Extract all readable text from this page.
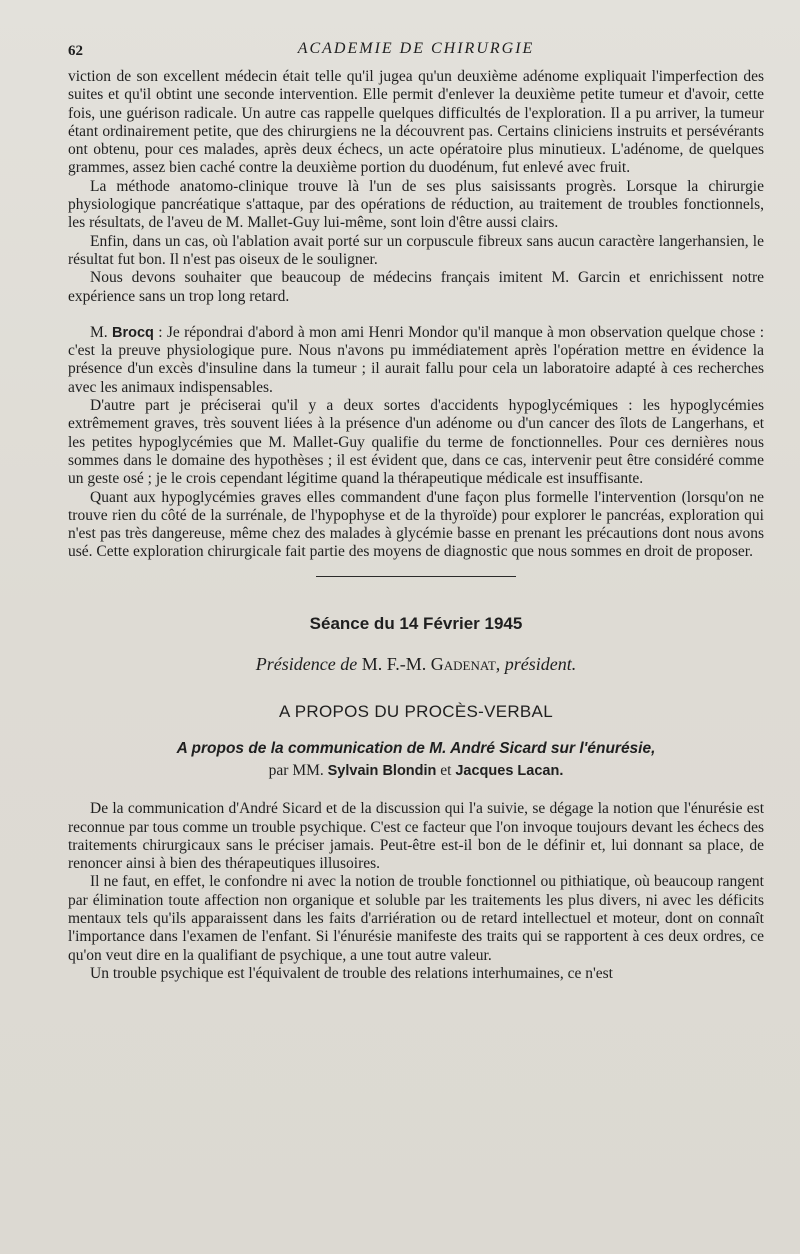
62	ACADEMIE DE CHIRURGIE

viction de son excellent médecin était telle qu'il jugea qu'un deuxième adénome expliquait l'imperfection des suites et qu'il obtint une seconde intervention. Elle permit d'enlever la deuxième petite tumeur et d'avoir, cette fois, une guérison radicale. Un autre cas rappelle quelques difficultés de l'exploration. Il a pu arriver, la tumeur étant ordinairement petite, que des chirurgiens ne la découvrent pas. Certains cliniciens instruits et persévérants ont obtenu, pour ces malades, après deux échecs, un acte opératoire plus minutieux. L'adénome, de quelques grammes, assez bien caché contre la deuxième portion du duodénum, fut enlevé avec fruit.

La méthode anatomo-clinique trouve là l'un de ses plus saisissants progrès. Lorsque la chirurgie physiologique pancréatique s'attaque, par des opérations de réduction, au traitement de troubles fonctionnels, les résultats, de l'aveu de M. Mallet-Guy lui-même, sont loin d'être aussi clairs.

Enfin, dans un cas, où l'ablation avait porté sur un corpuscule fibreux sans aucun caractère langerhansien, le résultat fut bon. Il n'est pas oiseux de le souligner.

Nous devons souhaiter que beaucoup de médecins français imitent M. Garcin et enrichissent notre expérience sans un trop long retard.

M. Brocq : Je répondrai d'abord à mon ami Henri Mondor qu'il manque à mon observation quelque chose : c'est la preuve physiologique pure. Nous n'avons pu immédiatement après l'opération mettre en évidence la présence d'un excès d'insuline dans la tumeur ; il aurait fallu pour cela un laboratoire adapté à ces recherches avec les animaux indispensables.

D'autre part je préciserai qu'il y a deux sortes d'accidents hypoglycémiques : les hypoglycémies extrêmement graves, très souvent liées à la présence d'un adénome ou d'un cancer des îlots de Langerhans, et les petites hypoglycémies que M. Mallet-Guy qualifie du terme de fonctionnelles. Pour ces dernières nous sommes dans le domaine des hypothèses ; il est évident que, dans ce cas, intervenir peut être considéré comme un geste osé ; je le crois cependant légitime quand la thérapeutique médicale est insuffisante.

Quant aux hypoglycémies graves elles commandent d'une façon plus formelle l'intervention (lorsqu'on ne trouve rien du côté de la surrénale, de l'hypophyse et de la thyroïde) pour explorer le pancréas, exploration qui n'est pas très dangereuse, même chez des malades à glycémie basse en prenant les précautions dont nous avons usé. Cette exploration chirurgicale fait partie des moyens de diagnostic que nous sommes en droit de proposer.

Séance du 14 Février 1945
Présidence de M. F.-M. Gadenat, président.
A PROPOS DU PROCÈS-VERBAL
A propos de la communication de M. André Sicard sur l'énurésie,
par MM. Sylvain Blondin et Jacques Lacan.

De la communication d'André Sicard et de la discussion qui l'a suivie, se dégage la notion que l'énurésie est reconnue par tous comme un trouble psychique. C'est ce facteur que l'on invoque toujours devant les échecs des traitements chirurgicaux sans le préciser jamais. Peut-être est-il bon de le définir et, lui donnant sa place, de renoncer ainsi à bien des thérapeutiques illusoires.

Il ne faut, en effet, le confondre ni avec la notion de trouble fonctionnel ou pithiatique, où beaucoup rangent par élimination toute affection non organique et soluble par les traitements les plus divers, ni avec les déficits mentaux tels qu'ils apparaissent dans les faits d'arriération ou de retard intellectuel et moteur, dont on connaît l'importance dans l'examen de l'enfant. Si l'énurésie manifeste des traits qui se rapportent à ces deux ordres, ce qu'on veut dire en la qualifiant de psychique, a une tout autre valeur.

Un trouble psychique est l'équivalent de trouble des relations interhumaines, ce n'est
